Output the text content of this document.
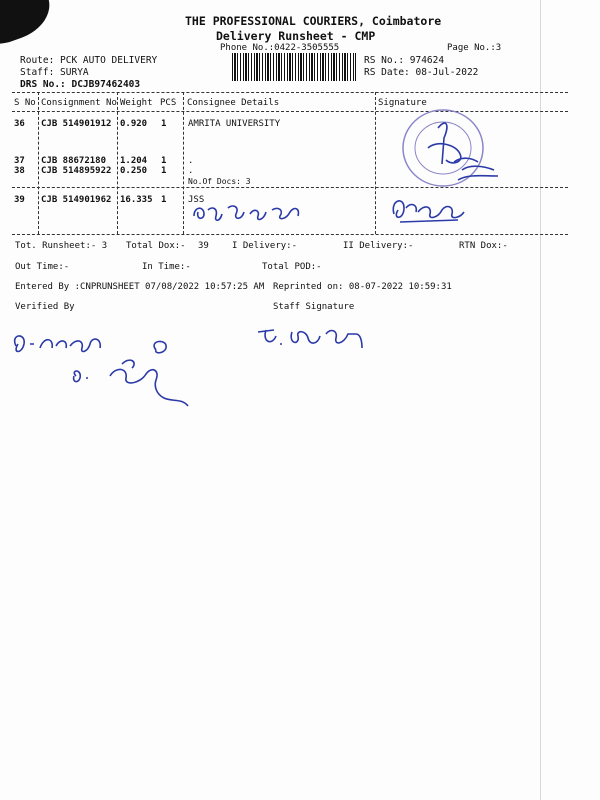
THE PROFESSIONAL COURIERS, Coimbatore
Delivery Runsheet - CMP
Phone No.:0422-3505555	Page No.:3
Route: PCK AUTO DELIVERY
Staff: SURYA
DRS No.: DCJB97462403
RS No.: 974624
RS Date: 08-Jul-2022
S No Consignment No Weight PCS Consignee Details	Signature
36 CJB 514901912 0.920 1 AMRITA UNIVERSITY
37 CJB 88672180 1.204 1 .
38 CJB 514895922 0.250 1 .
No.Of Docs: 3
39 CJB 514901962 16.335 1 JSS
Tot. Runsheet:- 3 Total Dox:- 39	I Delivery:-	II Delivery:-	RTN Dox:-
Out Time:-	In Time:-	Total POD:-
Entered By :CNPRUNSHEET 07/08/2022 10:57:25 AM Reprinted on: 08-07-2022 10:59:31
Verified By	Staff Signature
